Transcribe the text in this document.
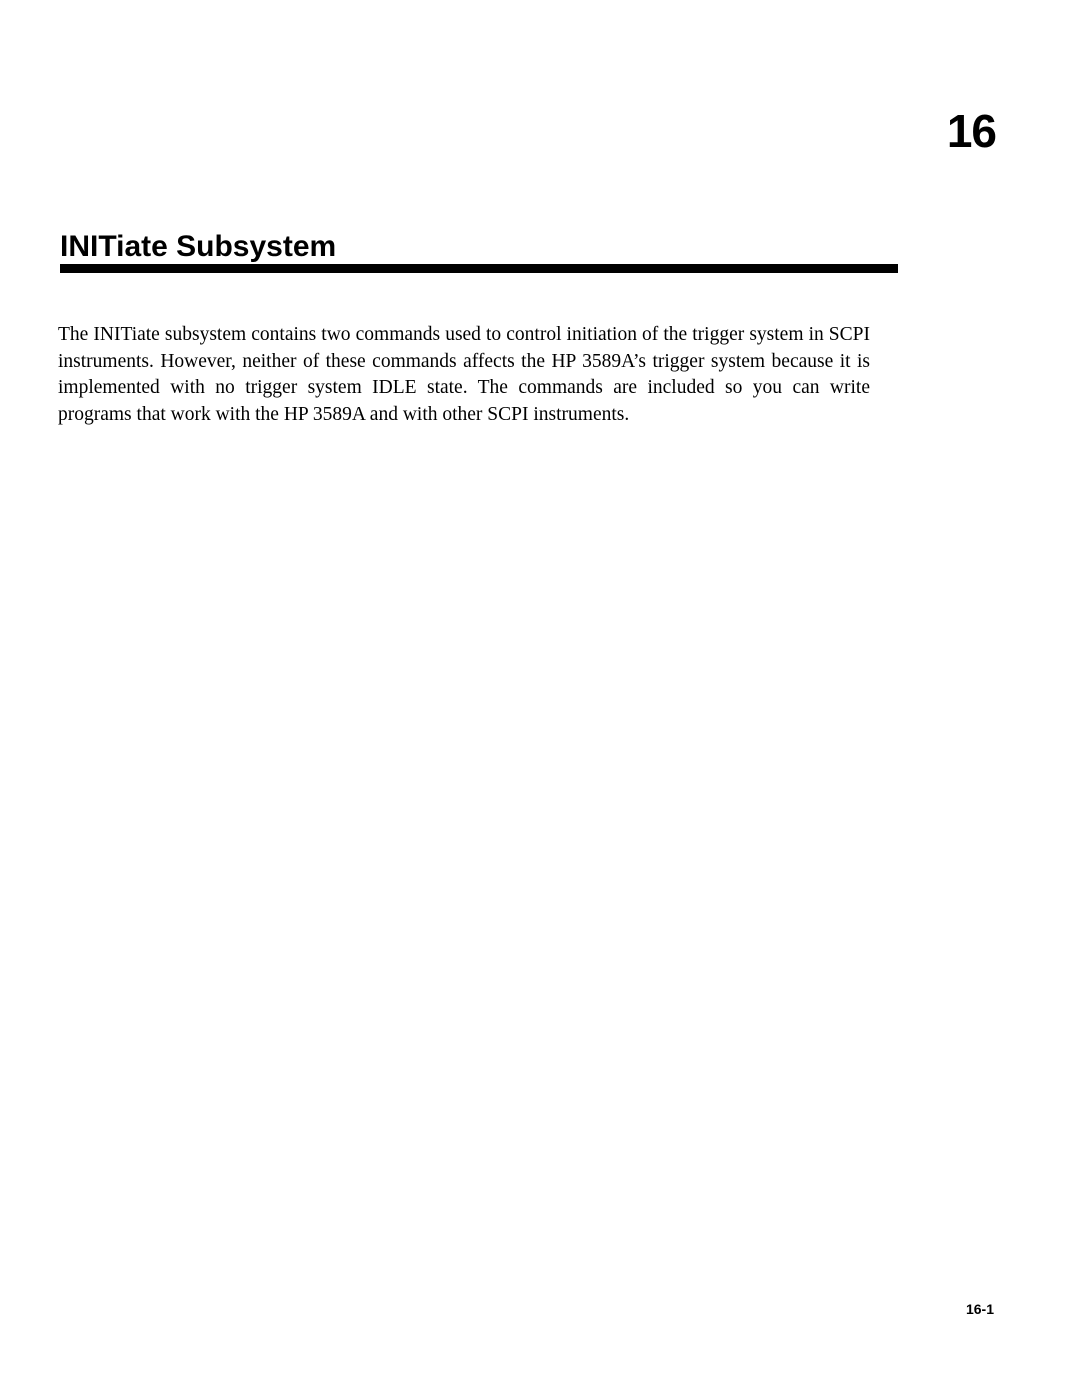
16
INITiate Subsystem

The INITiate subsystem contains two commands used to control initiation of the trigger system in SCPI instruments. However, neither of these commands affects the HP 3589A’s trigger system because it is implemented with no trigger system IDLE state. The commands are included so you can write programs that work with the HP 3589A and with other SCPI instruments.

16-1
